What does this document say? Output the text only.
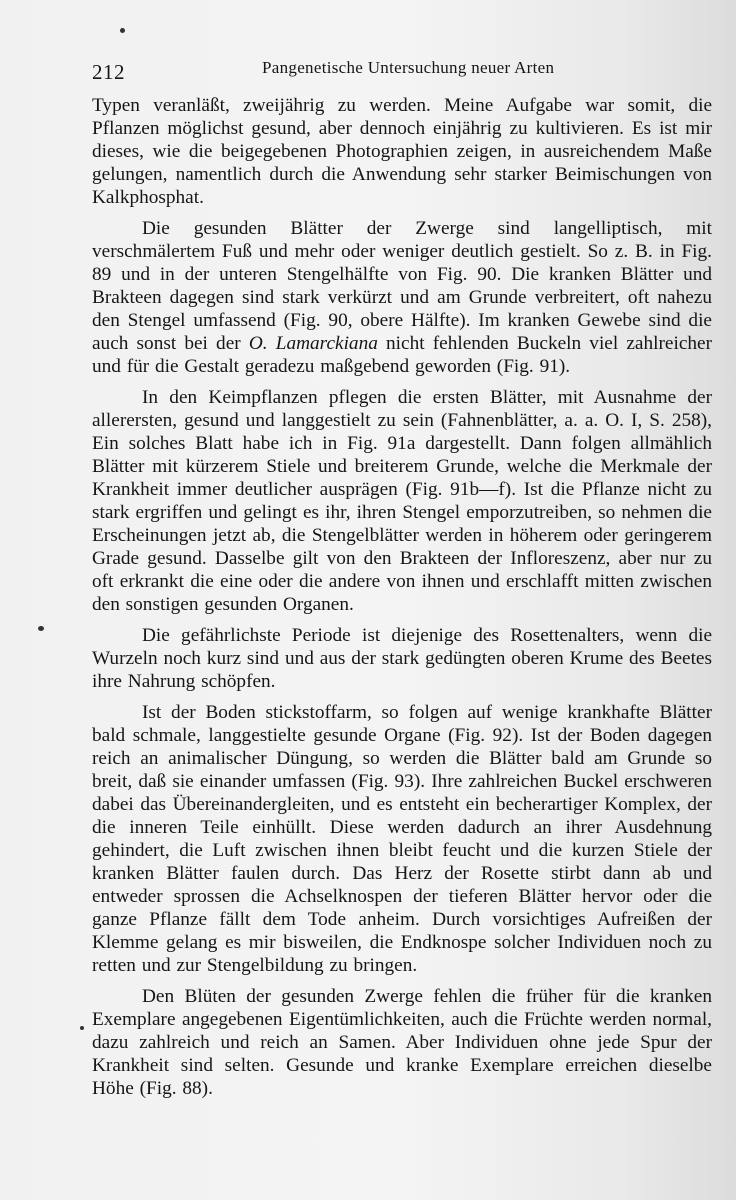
212	Pangenetische Untersuchung neuer Arten

Typen veranläßt, zweijährig zu werden. Meine Aufgabe war somit, die Pflanzen möglichst gesund, aber dennoch einjährig zu kultivieren. Es ist mir dieses, wie die beigegebenen Photographien zeigen, in ausreichendem Maße gelungen, namentlich durch die Anwendung sehr starker Beimischungen von Kalkphosphat.

Die gesunden Blätter der Zwerge sind langelliptisch, mit verschmälertem Fuß und mehr oder weniger deutlich gestielt. So z. B. in Fig. 89 und in der unteren Stengelhälfte von Fig. 90. Die kranken Blätter und Brakteen dagegen sind stark verkürzt und am Grunde verbreitert, oft nahezu den Stengel umfassend (Fig. 90, obere Hälfte). Im kranken Gewebe sind die auch sonst bei der O. Lamarckiana nicht fehlenden Buckeln viel zahlreicher und für die Gestalt geradezu maßgebend geworden (Fig. 91).

In den Keimpflanzen pflegen die ersten Blätter, mit Ausnahme der allerersten, gesund und langgestielt zu sein (Fahnenblätter, a. a. O. I, S. 258), Ein solches Blatt habe ich in Fig. 91a dargestellt. Dann folgen allmählich Blätter mit kürzerem Stiele und breiterem Grunde, welche die Merkmale der Krankheit immer deutlicher ausprägen (Fig. 91b—f). Ist die Pflanze nicht zu stark ergriffen und gelingt es ihr, ihren Stengel emporzutreiben, so nehmen die Erscheinungen jetzt ab, die Stengelblätter werden in höherem oder geringerem Grade gesund. Dasselbe gilt von den Brakteen der Infloreszenz, aber nur zu oft erkrankt die eine oder die andere von ihnen und erschlafft mitten zwischen den sonstigen gesunden Organen.

Die gefährlichste Periode ist diejenige des Rosettenalters, wenn die Wurzeln noch kurz sind und aus der stark gedüngten oberen Krume des Beetes ihre Nahrung schöpfen.

Ist der Boden stickstoffarm, so folgen auf wenige krankhafte Blätter bald schmale, langgestielte gesunde Organe (Fig. 92). Ist der Boden dagegen reich an animalischer Düngung, so werden die Blätter bald am Grunde so breit, daß sie einander umfassen (Fig. 93). Ihre zahlreichen Buckel erschweren dabei das Übereinandergleiten, und es entsteht ein becherartiger Komplex, der die inneren Teile einhüllt. Diese werden dadurch an ihrer Ausdehnung gehindert, die Luft zwischen ihnen bleibt feucht und die kurzen Stiele der kranken Blätter faulen durch. Das Herz der Rosette stirbt dann ab und entweder sprossen die Achselknospen der tieferen Blätter hervor oder die ganze Pflanze fällt dem Tode anheim. Durch vorsichtiges Aufreißen der Klemme gelang es mir bisweilen, die Endknospe solcher Individuen noch zu retten und zur Stengelbildung zu bringen.

Den Blüten der gesunden Zwerge fehlen die früher für die kranken Exemplare angegebenen Eigentümlichkeiten, auch die Früchte werden normal, dazu zahlreich und reich an Samen. Aber Individuen ohne jede Spur der Krankheit sind selten. Gesunde und kranke Exemplare erreichen dieselbe Höhe (Fig. 88).
